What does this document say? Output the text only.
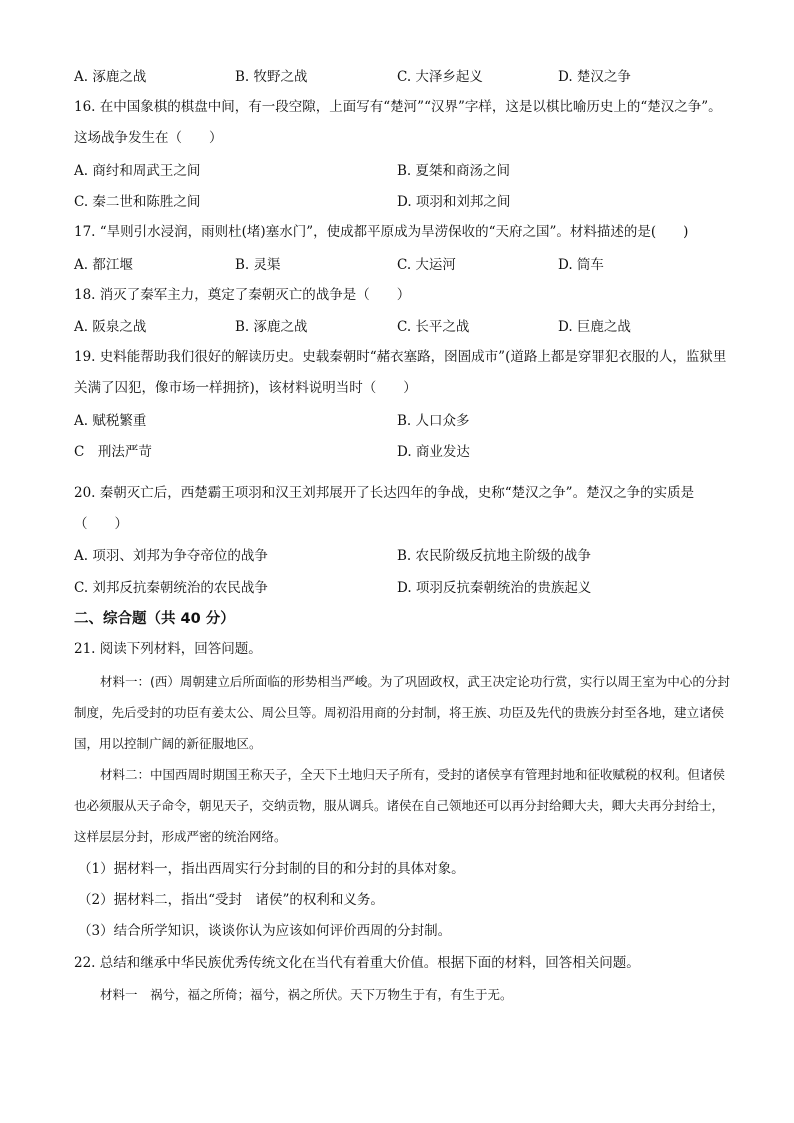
A. 涿鹿之战	B. 牧野之战	C. 大泽乡起义	D. 楚汉之争
16. 在中国象棋的棋盘中间，有一段空隙，上面写有“楚河”“汉界”字样，这是以棋比喻历史上的“楚汉之争”。这场战争发生在（　　）
A. 商纣和周武王之间	B. 夏桀和商汤之间
C. 秦二世和陈胜之间	D. 项羽和刘邦之间
17. “旱则引水浸润，雨则杜(堵)塞水门”，使成都平原成为旱涝保收的“天府之国”。材料描述的是(　　)
A. 都江堰	B. 灵渠	C. 大运河	D. 筒车
18. 消灭了秦军主力，奠定了秦朝灭亡的战争是（　　）
A. 阪泉之战	B. 涿鹿之战	C. 长平之战	D. 巨鹿之战
19. 史料能帮助我们很好的解读历史。史载秦朝时“赭衣塞路，囹圄成市”(道路上都是穿罪犯衣服的人，监狱里关满了囚犯，像市场一样拥挤)，该材料说明当时（　　）
A. 赋税繁重	B. 人口众多
C　刑法严苛	D. 商业发达
20. 秦朝灭亡后，西楚霸王项羽和汉王刘邦展开了长达四年的争战，史称“楚汉之争”。楚汉之争的实质是（　　）
A. 项羽、刘邦为争夺帝位的战争	B. 农民阶级反抗地主阶级的战争
C. 刘邦反抗秦朝统治的农民战争	D. 项羽反抗秦朝统治的贵族起义
二、综合题（共 40 分）
21. 阅读下列材料，回答问题。
材料一：(西）周朝建立后所面临的形势相当严峻。为了巩固政权，武王决定论功行赏，实行以周王室为中心的分封制度，先后受封的功臣有姜太公、周公旦等。周初沿用商的分封制，将王族、功臣及先代的贵族分封至各地，建立诸侯国，用以控制广阔的新征服地区。
材料二：中国西周时期国王称天子，全天下土地归天子所有，受封的诸侯享有管理封地和征收赋税的权利。但诸侯也必须服从天子命令，朝见天子，交纳贡物，服从调兵。诸侯在自己领地还可以再分封给卿大夫，卿大夫再分封给士，这样层层分封，形成严密的统治网络。
（1）据材料一，指出西周实行分封制的目的和分封的具体对象。
（2）据材料二，指出“受封　诸侯”的权利和义务。
（3）结合所学知识，谈谈你认为应该如何评价西周的分封制。
22. 总结和继承中华民族优秀传统文化在当代有着重大价值。根据下面的材料，回答相关问题。
材料一　祸兮，福之所倚；福兮，祸之所伏。天下万物生于有，有生于无。
